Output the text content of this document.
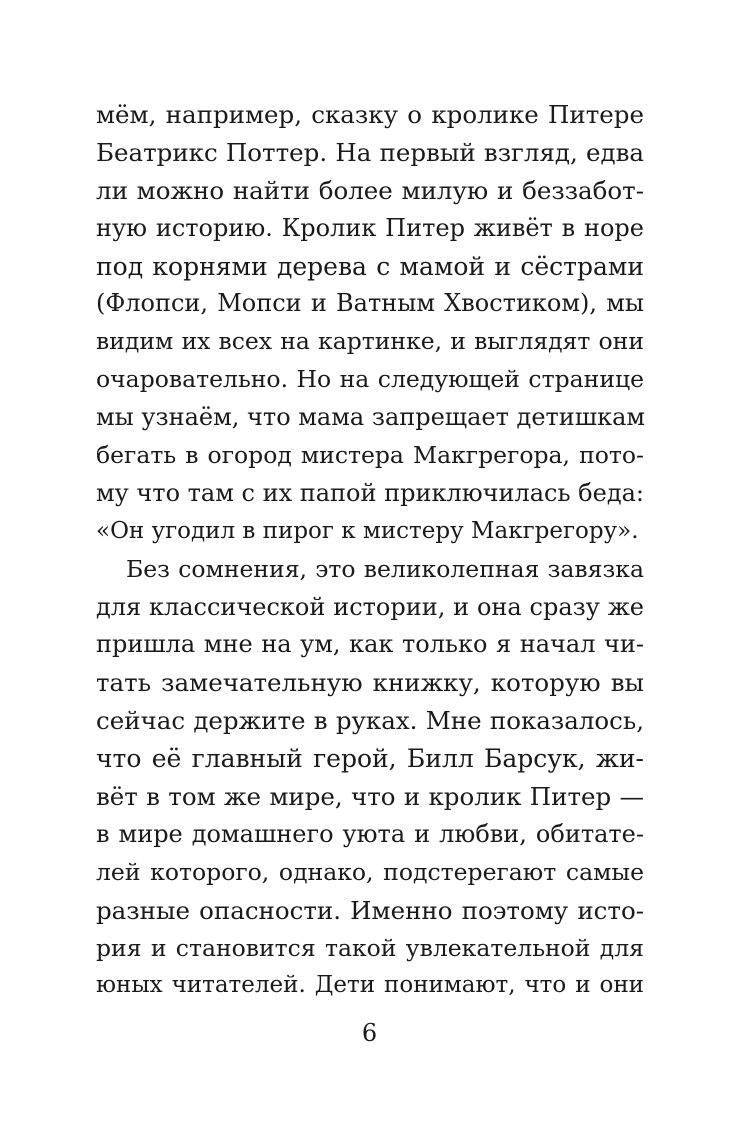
мём, например, сказку о кролике Питере
Беатрикс Поттер. На первый взгляд, едва
ли можно найти более милую и беззабот-
ную историю. Кролик Питер живёт в норе
под корнями дерева с мамой и сёстрами
(Флопси, Мопси и Ватным Хвостиком), мы
видим их всех на картинке, и выглядят они
очаровательно. Но на следующей странице
мы узнаём, что мама запрещает детишкам
бегать в огород мистера Макгрегора, пото-
му что там с их папой приключилась беда:
«Он угодил в пирог к мистеру Макгрегору».
Без сомнения, это великолепная завязка
для классической истории, и она сразу же
пришла мне на ум, как только я начал чи-
тать замечательную книжку, которую вы
сейчас держите в руках. Мне показалось,
что её главный герой, Билл Барсук, жи-
вёт в том же мире, что и кролик Питер —
в мире домашнего уюта и любви, обитате-
лей которого, однако, подстерегают самые
разные опасности. Именно поэтому исто-
рия и становится такой увлекательной для
юных читателей. Дети понимают, что и они
6
